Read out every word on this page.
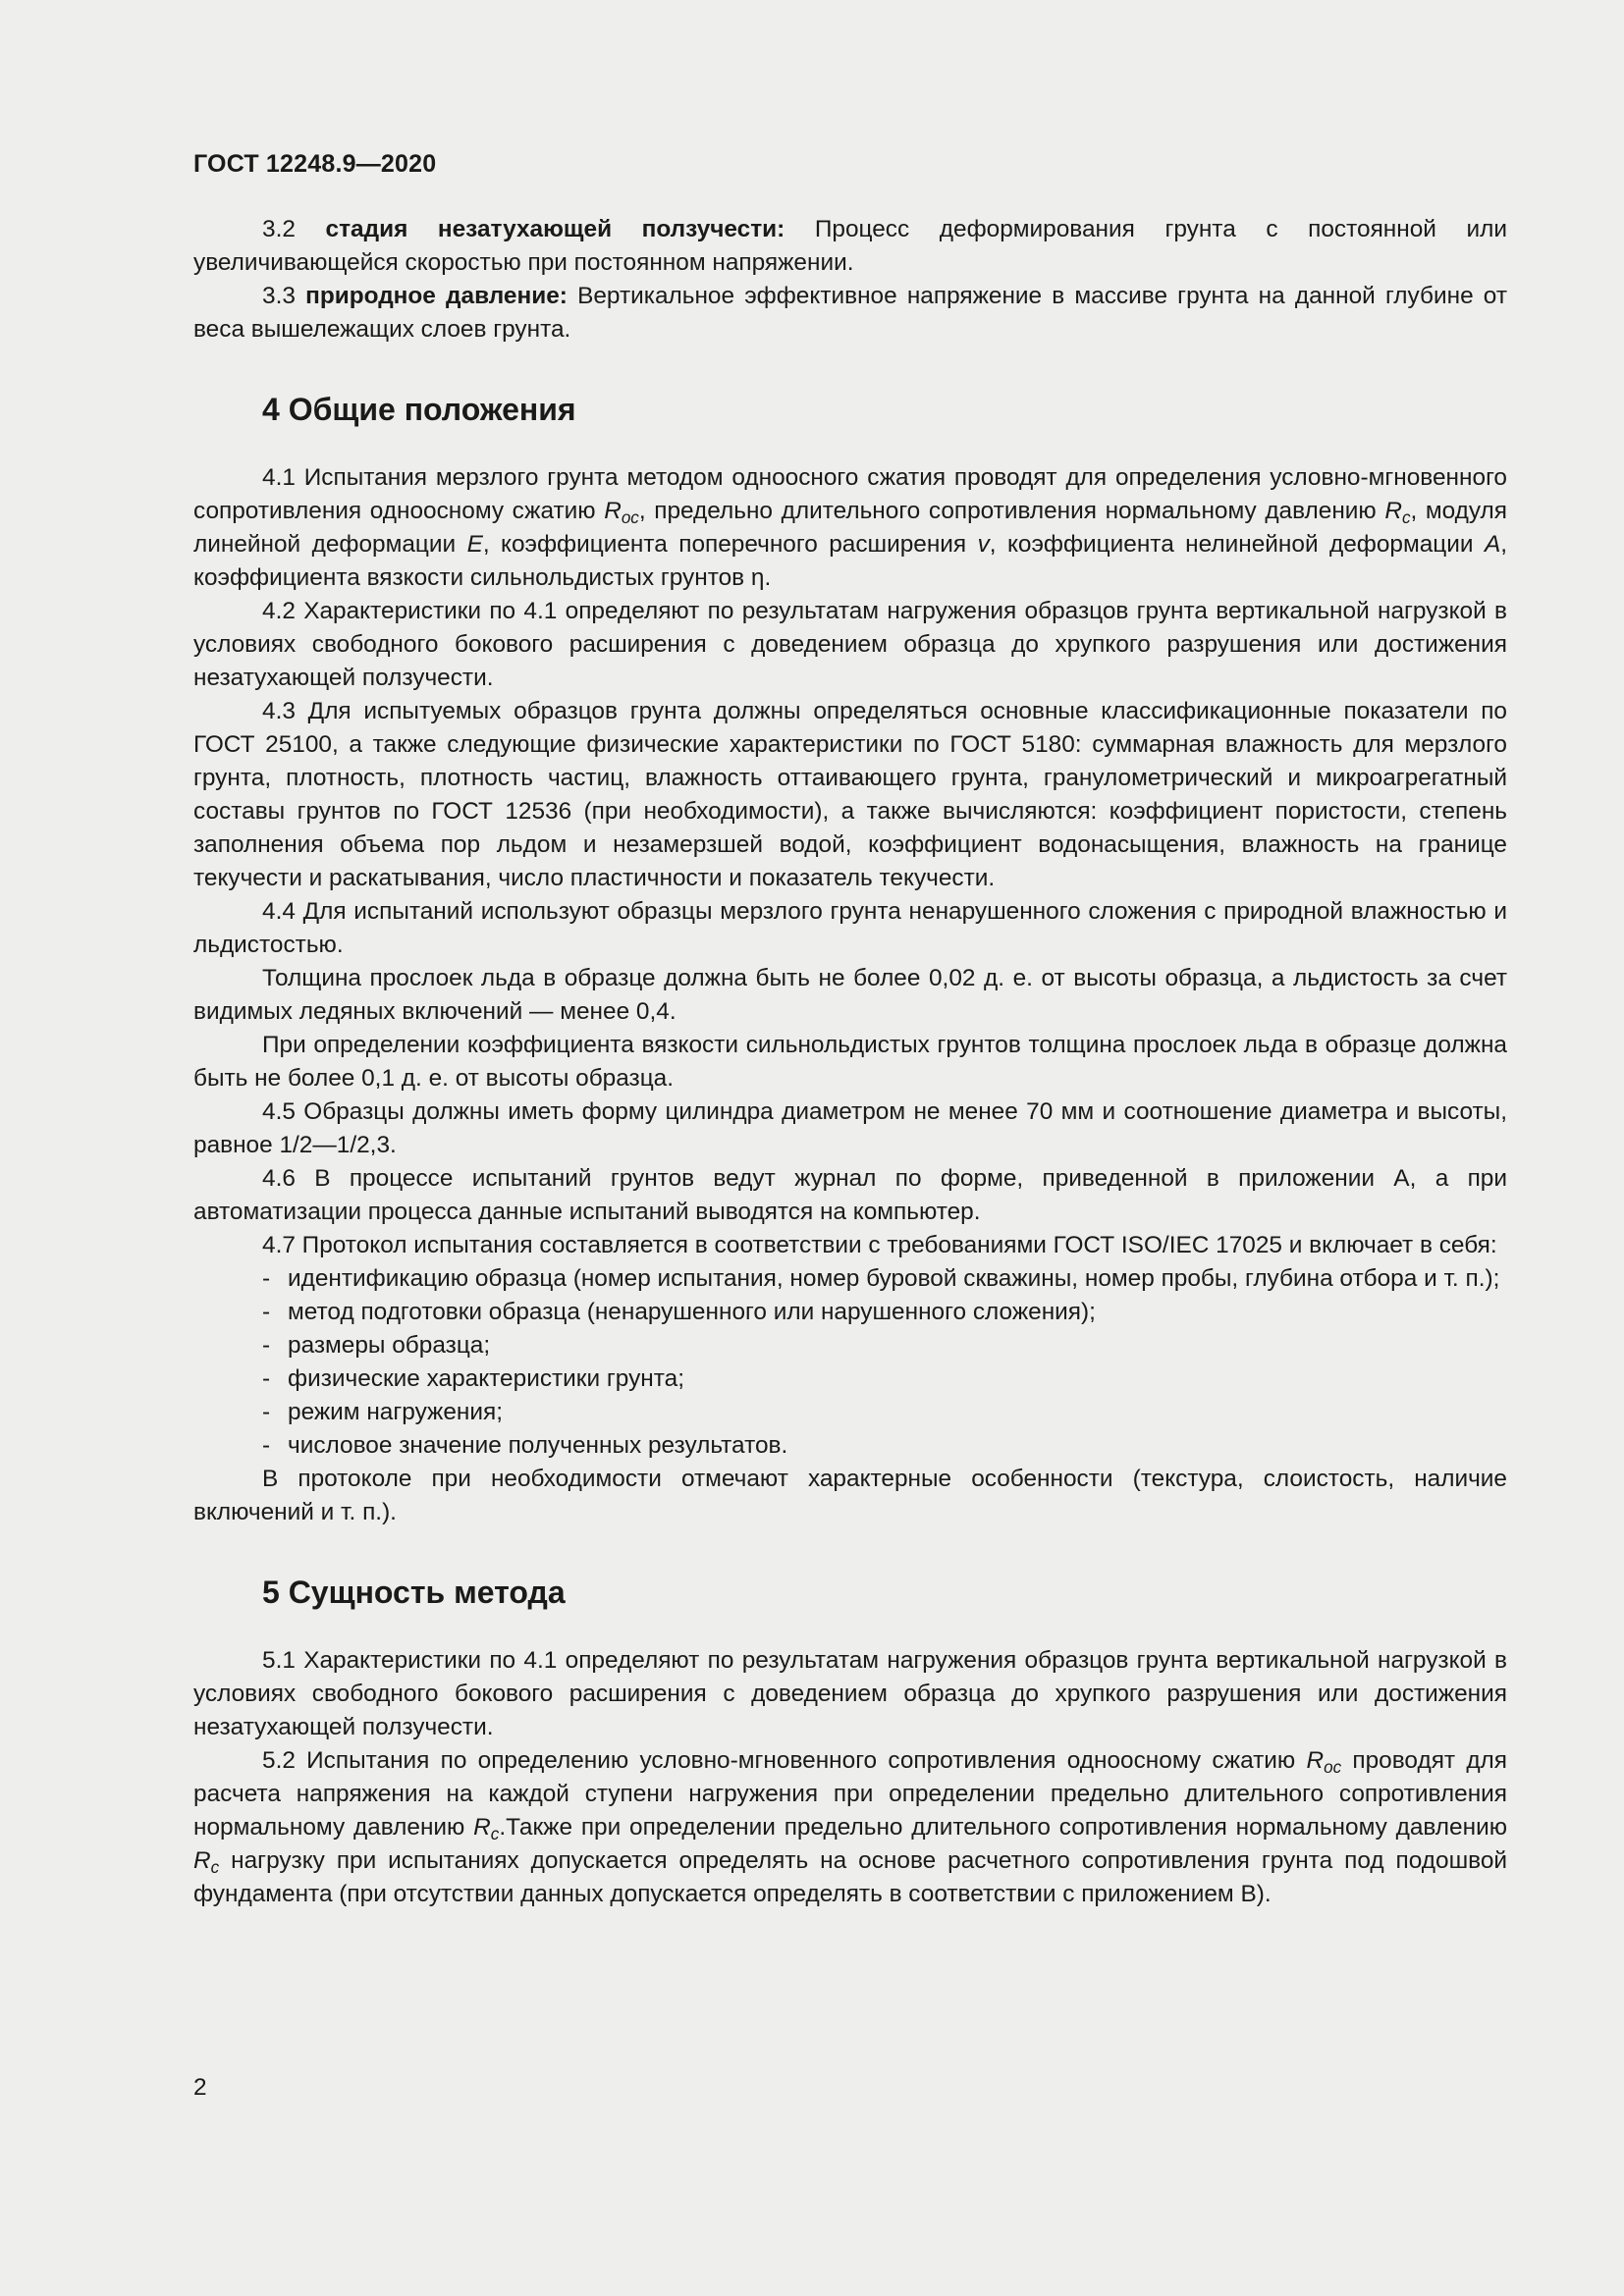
ГОСТ 12248.9—2020

3.2 стадия незатухающей ползучести: Процесс деформирования грунта с постоянной или увеличивающейся скоростью при постоянном напряжении.

3.3 природное давление: Вертикальное эффективное напряжение в массиве грунта на данной глубине от веса вышележащих слоев грунта.

4 Общие положения

4.1 Испытания мерзлого грунта методом одноосного сжатия проводят для определения условно-мгновенного сопротивления одноосному сжатию $R_{oc}$, предельно длительного сопротивления нормальному давлению $R_c$, модуля линейной деформации E, коэффициента поперечного расширения v, коэффициента нелинейной деформации A, коэффициента вязкости сильнольдистых грунтов η.

4.2 Характеристики по 4.1 определяют по результатам нагружения образцов грунта вертикальной нагрузкой в условиях свободного бокового расширения с доведением образца до хрупкого разрушения или достижения незатухающей ползучести.

4.3 Для испытуемых образцов грунта должны определяться основные классификационные показатели по ГОСТ 25100, а также следующие физические характеристики по ГОСТ 5180: суммарная влажность для мерзлого грунта, плотность, плотность частиц, влажность оттаивающего грунта, гранулометрический и микроагрегатный составы грунтов по ГОСТ 12536 (при необходимости), а также вычисляются: коэффициент пористости, степень заполнения объема пор льдом и незамерзшей водой, коэффициент водонасыщения, влажность на границе текучести и раскатывания, число пластичности и показатель текучести.

4.4 Для испытаний используют образцы мерзлого грунта ненарушенного сложения с природной влажностью и льдистостью.

Толщина прослоек льда в образце должна быть не более 0,02 д. е. от высоты образца, а льдистость за счет видимых ледяных включений — менее 0,4.

При определении коэффициента вязкости сильнольдистых грунтов толщина прослоек льда в образце должна быть не более 0,1 д. е. от высоты образца.

4.5 Образцы должны иметь форму цилиндра диаметром не менее 70 мм и соотношение диаметра и высоты, равное 1/2—1/2,3.

4.6 В процессе испытаний грунтов ведут журнал по форме, приведенной в приложении А, а при автоматизации процесса данные испытаний выводятся на компьютер.

4.7 Протокол испытания составляется в соответствии с требованиями ГОСТ ISO/IEC 17025 и включает в себя:

- идентификацию образца (номер испытания, номер буровой скважины, номер пробы, глубина отбора и т. п.);
- метод подготовки образца (ненарушенного или нарушенного сложения);
- размеры образца;
- физические характеристики грунта;
- режим нагружения;
- числовое значение полученных результатов.

В протоколе при необходимости отмечают характерные особенности (текстура, слоистость, наличие включений и т. п.).

5 Сущность метода

5.1 Характеристики по 4.1 определяют по результатам нагружения образцов грунта вертикальной нагрузкой в условиях свободного бокового расширения с доведением образца до хрупкого разрушения или достижения незатухающей ползучести.

5.2 Испытания по определению условно-мгновенного сопротивления одноосному сжатию $R_{oc}$ проводят для расчета напряжения на каждой ступени нагружения при определении предельно длительного сопротивления нормальному давлению $R_c.Также$ при определении предельно длительного сопротивления нормальному давлению $R_c$ нагрузку при испытаниях допускается определять на основе расчетного сопротивления грунта под подошвой фундамента (при отсутствии данных допускается определять в соответствии с приложением В).

2
